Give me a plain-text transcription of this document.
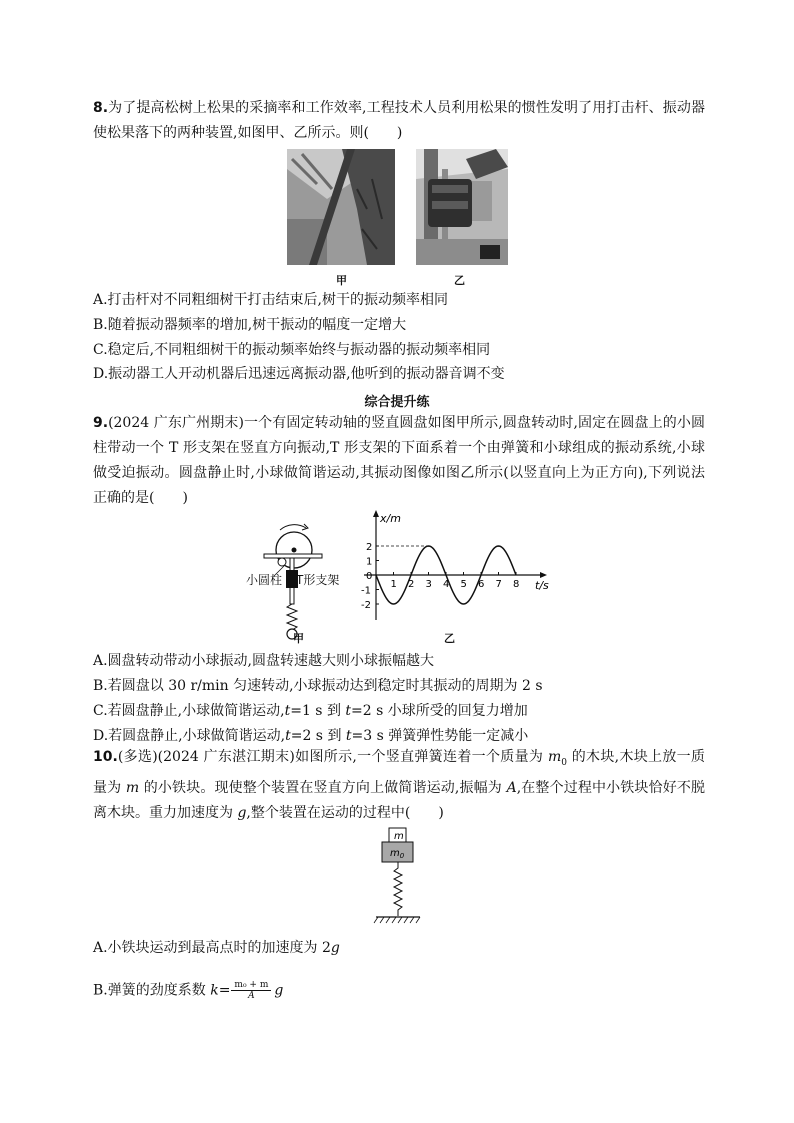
8.为了提高松树上松果的采摘率和工作效率,工程技术人员利用松果的惯性发明了用打击杆、振动器使松果落下的两种装置,如图甲、乙所示。则(　　)
甲	乙
A.打击杆对不同粗细树干打击结束后,树干的振动频率相同
B.随着振动器频率的增加,树干振动的幅度一定增大
C.稳定后,不同粗细树干的振动频率始终与振动器的振动频率相同
D.振动器工人开动机器后迅速远离振动器,他听到的振动器音调不变
综合提升练
9.(2024 广东广州期末)一个有固定转动轴的竖直圆盘如图甲所示,圆盘转动时,固定在圆盘上的小圆柱带动一个 T 形支架在竖直方向振动,T 形支架的下面系着一个由弹簧和小球组成的振动系统,小球做受迫振动。圆盘静止时,小球做简谐运动,其振动图像如图乙所示(以竖直向上为正方向),下列说法正确的是(　　)
小圆柱 T形支架
x/m
t/s
1 2 3 4 5 6 7 8
2
1
0
-1
-2
甲	乙
A.圆盘转动带动小球振动,圆盘转速越大则小球振幅越大
B.若圆盘以 30 r/min 匀速转动,小球振动达到稳定时其振动的周期为 2 s
C.若圆盘静止,小球做简谐运动,t=1 s 到 t=2 s 小球所受的回复力增加
D.若圆盘静止,小球做简谐运动,t=2 s 到 t=3 s 弹簧弹性势能一定减小
10.(多选)(2024 广东湛江期末)如图所示,一个竖直弹簧连着一个质量为 $m_0$ 的木块,木块上放一质量为 m 的小铁块。现使整个装置在竖直方向上做简谐运动,振幅为 A,在整个过程中小铁块恰好不脱离木块。重力加速度为 g,整个装置在运动的过程中(　　)
m
$m_0$
A.小铁块运动到最高点时的加速度为 2g
B.弹簧的劲度系数 $k= \frac{\text{m₀ + m}}{A}$ g
